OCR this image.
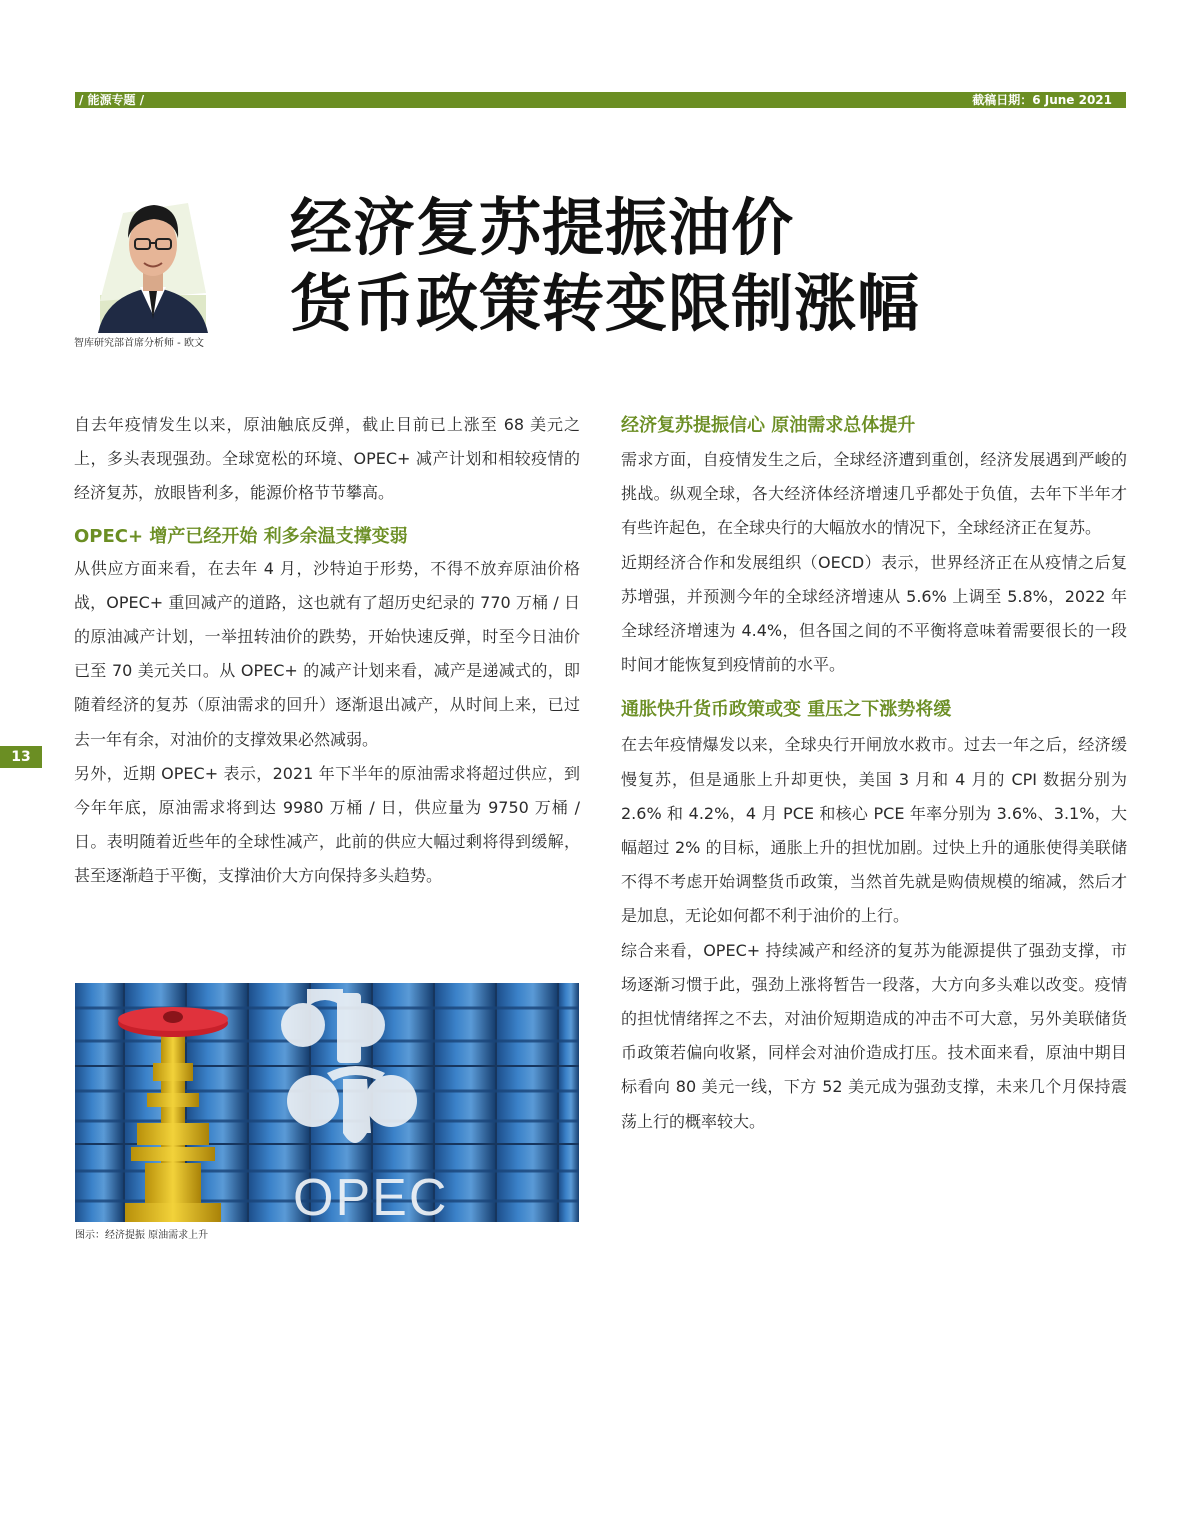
/ 能源专题 /	截稿日期：6 June 2021
13
智库研究部首席分析师 - 欧文
经济复苏提振油价
货币政策转变限制涨幅

自去年疫情发生以来，原油触底反弹，截止目前已上涨至 68 美元之上，多头表现强劲。全球宽松的环境、OPEC+ 减产计划和相较疫情的经济复苏，放眼皆利多，能源价格节节攀高。

OPEC+ 增产已经开始 利多余温支撑变弱

从供应方面来看，在去年 4 月，沙特迫于形势，不得不放弃原油价格战，OPEC+ 重回减产的道路，这也就有了超历史纪录的 770 万桶 / 日的原油减产计划，一举扭转油价的跌势，开始快速反弹，时至今日油价已至 70 美元关口。从 OPEC+ 的减产计划来看，减产是递减式的，即随着经济的复苏（原油需求的回升）逐渐退出减产，从时间上来，已过去一年有余，对油价的支撑效果必然减弱。

另外，近期 OPEC+ 表示，2021 年下半年的原油需求将超过供应，到今年年底，原油需求将到达 9980 万桶 / 日，供应量为 9750 万桶 / 日。表明随着近些年的全球性减产，此前的供应大幅过剩将得到缓解，甚至逐渐趋于平衡，支撑油价大方向保持多头趋势。

OPEC
图示：经济提振 原油需求上升
经济复苏提振信心 原油需求总体提升

需求方面，自疫情发生之后，全球经济遭到重创，经济发展遇到严峻的挑战。纵观全球，各大经济体经济增速几乎都处于负值，去年下半年才有些许起色，在全球央行的大幅放水的情况下，全球经济正在复苏。

近期经济合作和发展组织（OECD）表示，世界经济正在从疫情之后复苏增强，并预测今年的全球经济增速从 5.6% 上调至 5.8%，2022 年全球经济增速为 4.4%，但各国之间的不平衡将意味着需要很长的一段时间才能恢复到疫情前的水平。

通胀快升货币政策或变 重压之下涨势将缓

在去年疫情爆发以来，全球央行开闸放水救市。过去一年之后，经济缓慢复苏，但是通胀上升却更快，美国 3 月和 4 月的 CPI 数据分别为 2.6% 和 4.2%，4 月 PCE 和核心 PCE 年率分别为 3.6%、3.1%，大幅超过 2% 的目标，通胀上升的担忧加剧。过快上升的通胀使得美联储不得不考虑开始调整货币政策，当然首先就是购债规模的缩减，然后才是加息，无论如何都不利于油价的上行。

综合来看，OPEC+ 持续减产和经济的复苏为能源提供了强劲支撑，市场逐渐习惯于此，强劲上涨将暂告一段落，大方向多头难以改变。疫情的担忧情绪挥之不去，对油价短期造成的冲击不可大意，另外美联储货币政策若偏向收紧，同样会对油价造成打压。技术面来看，原油中期目标看向 80 美元一线，下方 52 美元成为强劲支撑，未来几个月保持震荡上行的概率较大。
